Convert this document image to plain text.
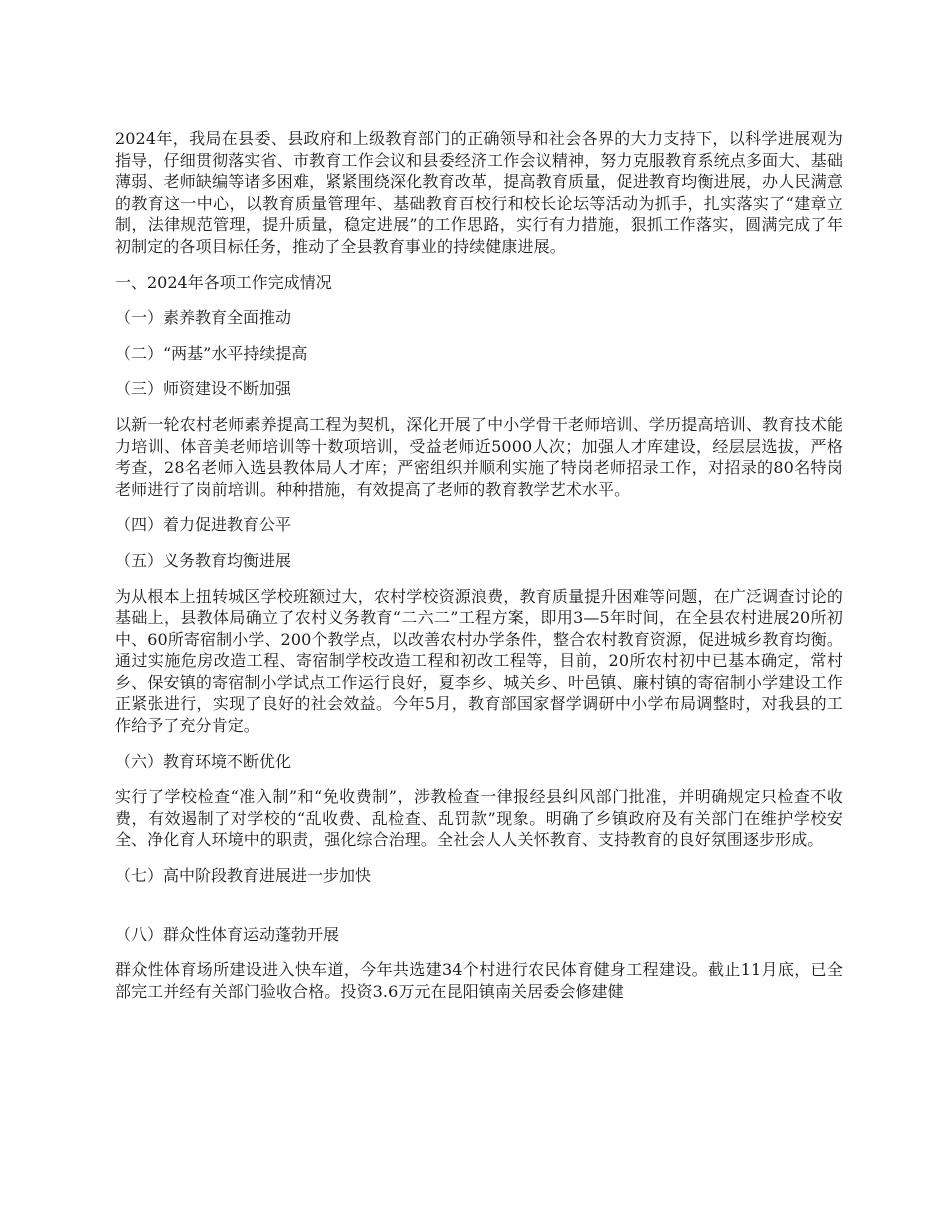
2024年，我局在县委、县政府和上级教育部门的正确领导和社会各界的大力支持下，以科学进展观为指导，仔细贯彻落实省、市教育工作会议和县委经济工作会议精神，努力克服教育系统点多面大、基础薄弱、老师缺编等诸多困难，紧紧围绕深化教育改革，提高教育质量，促进教育均衡进展，办人民满意的教育这一中心，以教育质量管理年、基础教育百校行和校长论坛等活动为抓手，扎实落实了“建章立制，法律规范管理，提升质量，稳定进展”的工作思路，实行有力措施，狠抓工作落实，圆满完成了年初制定的各项目标任务，推动了全县教育事业的持续健康进展。

一、2024年各项工作完成情况

（一）素养教育全面推动

（二）“两基”水平持续提高

（三）师资建设不断加强

以新一轮农村老师素养提高工程为契机，深化开展了中小学骨干老师培训、学历提高培训、教育技术能力培训、体音美老师培训等十数项培训，受益老师近5000人次；加强人才库建设，经层层选拔，严格考查，28名老师入选县教体局人才库；严密组织并顺利实施了特岗老师招录工作，对招录的80名特岗老师进行了岗前培训。种种措施，有效提高了老师的教育教学艺术水平。

（四）着力促进教育公平

（五）义务教育均衡进展

为从根本上扭转城区学校班额过大，农村学校资源浪费，教育质量提升困难等问题，在广泛调查讨论的基础上，县教体局确立了农村义务教育“二六二”工程方案，即用3—5年时间，在全县农村进展20所初中、60所寄宿制小学、200个教学点，以改善农村办学条件，整合农村教育资源，促进城乡教育均衡。通过实施危房改造工程、寄宿制学校改造工程和初改工程等，目前，20所农村初中已基本确定，常村乡、保安镇的寄宿制小学试点工作运行良好，夏李乡、城关乡、叶邑镇、廉村镇的寄宿制小学建设工作正紧张进行，实现了良好的社会效益。今年5月，教育部国家督学调研中小学布局调整时，对我县的工作给予了充分肯定。

（六）教育环境不断优化

实行了学校检查“准入制”和“免收费制”，涉教检查一律报经县纠风部门批准，并明确规定只检查不收费，有效遏制了对学校的“乱收费、乱检查、乱罚款”现象。明确了乡镇政府及有关部门在维护学校安全、净化育人环境中的职责，强化综合治理。全社会人人关怀教育、支持教育的良好氛围逐步形成。

（七）高中阶段教育进展进一步加快

（八）群众性体育运动蓬勃开展

群众性体育场所建设进入快车道，今年共选建34个村进行农民体育健身工程建设。截止11月底，已全部完工并经有关部门验收合格。投资3.6万元在昆阳镇南关居委会修建健
